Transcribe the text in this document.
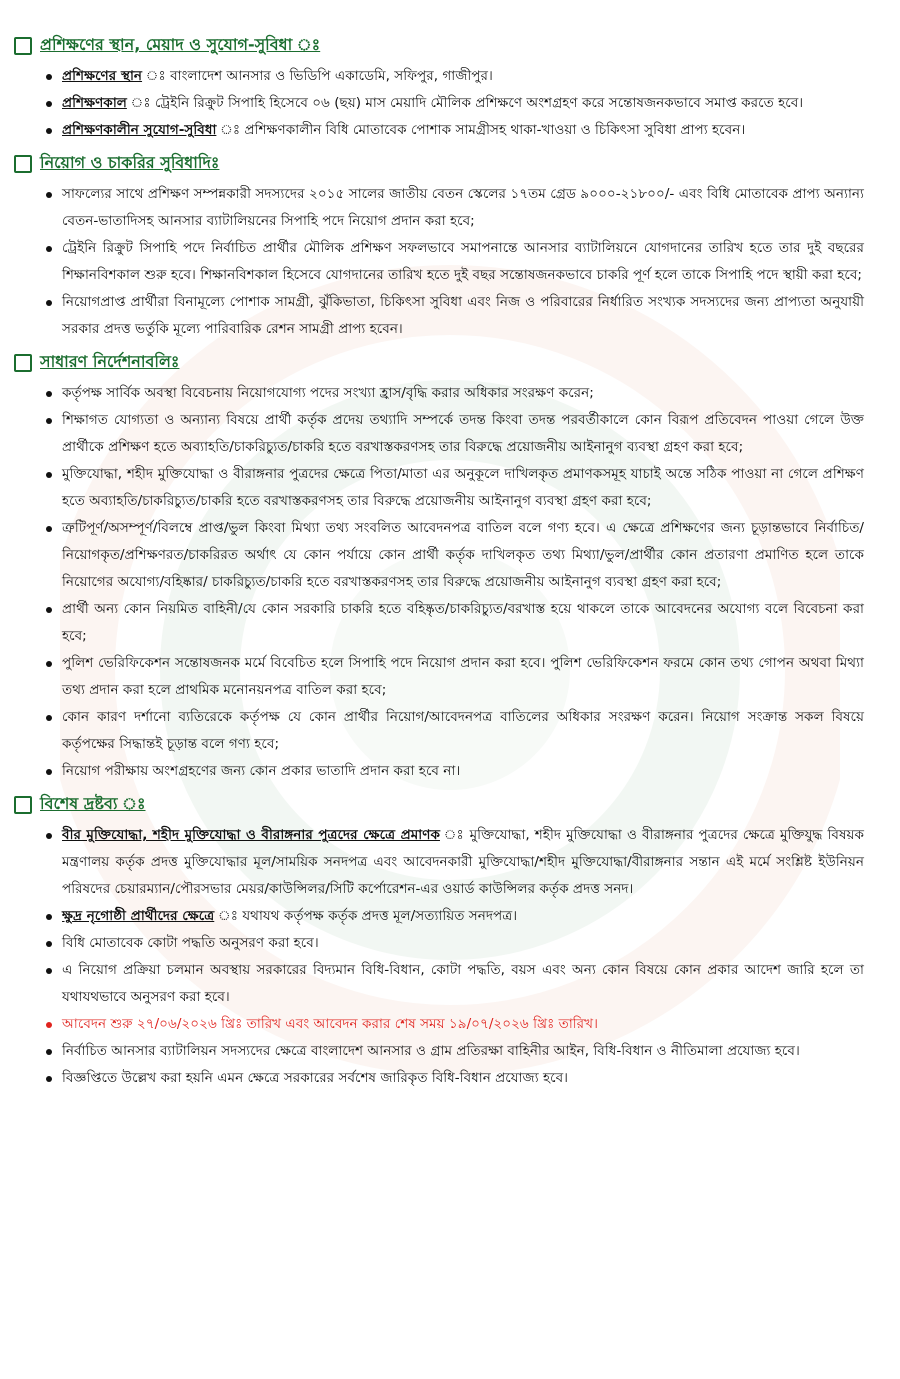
প্রশিক্ষণের স্থান, মেয়াদ ও সুযোগ-সুবিধা ঃ
প্রশিক্ষণের স্থান ঃ বাংলাদেশ আনসার ও ভিডিপি একাডেমি, সফিপুর, গাজীপুর।
প্রশিক্ষণকাল ঃ ট্রেইনি রিক্রুট সিপাহি হিসেবে ০৬ (ছয়) মাস মেয়াদি মৌলিক প্রশিক্ষণে অংশগ্রহণ করে সন্তোষজনকভাবে সমাপ্ত করতে হবে।
প্রশিক্ষণকালীন সুযোগ-সুবিধা ঃ প্রশিক্ষণকালীন বিধি মোতাবেক পোশাক সামগ্রীসহ থাকা-খাওয়া ও চিকিৎসা সুবিধা প্রাপ্য হবেন।
নিয়োগ ও চাকরির সুবিধাদিঃ
সাফল্যের সাথে প্রশিক্ষণ সম্পন্নকারী সদস্যদের ২০১৫ সালের জাতীয় বেতন স্কেলের ১৭তম গ্রেড ৯০০০-২১৮০০/- এবং বিধি মোতাবেক প্রাপ্য অন্যান্য বেতন-ভাতাদিসহ আনসার ব্যাটালিয়নের সিপাহি পদে নিয়োগ প্রদান করা হবে;
ট্রেইনি রিক্রুট সিপাহি পদে নির্বাচিত প্রার্থীর মৌলিক প্রশিক্ষণ সফলভাবে সমাপনান্তে আনসার ব্যাটালিয়নে যোগদানের তারিখ হতে তার দুই বছরের শিক্ষানবিশকাল শুরু হবে। শিক্ষানবিশকাল হিসেবে যোগদানের তারিখ হতে দুই বছর সন্তোষজনকভাবে চাকরি পূর্ণ হলে তাকে সিপাহি পদে স্থায়ী করা হবে;
নিয়োগপ্রাপ্ত প্রার্থীরা বিনামূল্যে পোশাক সামগ্রী, ঝুঁকিভাতা, চিকিৎসা সুবিধা এবং নিজ ও পরিবারের নির্ধারিত সংখ্যক সদস্যদের জন্য প্রাপ্যতা অনুযায়ী সরকার প্রদত্ত ভর্তুকি মূল্যে পারিবারিক রেশন সামগ্রী প্রাপ্য হবেন।
সাধারণ নির্দেশনাবলিঃ
কর্তৃপক্ষ সার্বিক অবস্থা বিবেচনায় নিয়োগযোগ্য পদের সংখ্যা হ্রাস/বৃদ্ধি করার অধিকার সংরক্ষণ করেন;
শিক্ষাগত যোগ্যতা ও অন্যান্য বিষয়ে প্রার্থী কর্তৃক প্রদেয় তথ্যাদি সম্পর্কে তদন্ত কিংবা তদন্ত পরবর্তীকালে কোন বিরূপ প্রতিবেদন পাওয়া গেলে উক্ত প্রার্থীকে প্রশিক্ষণ হতে অব্যাহতি/চাকরিচ্যুত/চাকরি হতে বরখাস্তকরণসহ তার বিরুদ্ধে প্রয়োজনীয় আইনানুগ ব্যবস্থা গ্রহণ করা হবে;
মুক্তিযোদ্ধা, শহীদ মুক্তিযোদ্ধা ও বীরাঙ্গনার পুত্রদের ক্ষেত্রে পিতা/মাতা এর অনুকূলে দাখিলকৃত প্রমাণকসমূহ যাচাই অন্তে সঠিক পাওয়া না গেলে প্রশিক্ষণ হতে অব্যাহতি/চাকরিচ্যুত/চাকরি হতে বরখাস্তকরণসহ তার বিরুদ্ধে প্রয়োজনীয় আইনানুগ ব্যবস্থা গ্রহণ করা হবে;
ত্রুটিপূর্ণ/অসম্পূর্ণ/বিলম্বে প্রাপ্ত/ভুল কিংবা মিথ্যা তথ্য সংবলিত আবেদনপত্র বাতিল বলে গণ্য হবে। এ ক্ষেত্রে প্রশিক্ষণের জন্য চূড়ান্তভাবে নির্বাচিত/নিয়োগকৃত/প্রশিক্ষণরত/চাকরিরত অর্থাৎ যে কোন পর্যায়ে কোন প্রার্থী কর্তৃক দাখিলকৃত তথ্য মিথ্যা/ভুল/প্রার্থীর কোন প্রতারণা প্রমাণিত হলে তাকে নিয়োগের অযোগ্য/বহিষ্কার/ চাকরিচ্যুত/চাকরি হতে বরখাস্তকরণসহ তার বিরুদ্ধে প্রয়োজনীয় আইনানুগ ব্যবস্থা গ্রহণ করা হবে;
প্রার্থী অন্য কোন নিয়মিত বাহিনী/যে কোন সরকারি চাকরি হতে বহিষ্কৃত/চাকরিচ্যুত/বরখাস্ত হয়ে থাকলে তাকে আবেদনের অযোগ্য বলে বিবেচনা করা হবে;
পুলিশ ভেরিফিকেশন সন্তোষজনক মর্মে বিবেচিত হলে সিপাহি পদে নিয়োগ প্রদান করা হবে। পুলিশ ভেরিফিকেশন ফরমে কোন তথ্য গোপন অথবা মিথ্যা তথ্য প্রদান করা হলে প্রাথমিক মনোনয়নপত্র বাতিল করা হবে;
কোন কারণ দর্শানো ব্যতিরেকে কর্তৃপক্ষ যে কোন প্রার্থীর নিয়োগ/আবেদনপত্র বাতিলের অধিকার সংরক্ষণ করেন। নিয়োগ সংক্রান্ত সকল বিষয়ে কর্তৃপক্ষের সিদ্ধান্তই চূড়ান্ত বলে গণ্য হবে;
নিয়োগ পরীক্ষায় অংশগ্রহণের জন্য কোন প্রকার ভাতাদি প্রদান করা হবে না।
বিশেষ দ্রষ্টব্য ঃ
বীর মুক্তিযোদ্ধা, শহীদ মুক্তিযোদ্ধা ও বীরাঙ্গনার পুত্রদের ক্ষেত্রে প্রমাণক ঃ মুক্তিযোদ্ধা, শহীদ মুক্তিযোদ্ধা ও বীরাঙ্গনার পুত্রদের ক্ষেত্রে মুক্তিযুদ্ধ বিষয়ক মন্ত্রণালয় কর্তৃক প্রদত্ত মুক্তিযোদ্ধার মূল/সাময়িক সনদপত্র এবং আবেদনকারী মুক্তিযোদ্ধা/শহীদ মুক্তিযোদ্ধা/বীরাঙ্গনার সন্তান এই মর্মে সংশ্লিষ্ট ইউনিয়ন পরিষদের চেয়ারম্যান/পৌরসভার মেয়র/কাউন্সিলর/সিটি কর্পোরেশন-এর ওয়ার্ড কাউন্সিলর কর্তৃক প্রদত্ত সনদ।
ক্ষুদ্র নৃগোষ্ঠী প্রার্থীদের ক্ষেত্রে ঃ যথাযথ কর্তৃপক্ষ কর্তৃক প্রদত্ত মূল/সত্যায়িত সনদপত্র।
বিধি মোতাবেক কোটা পদ্ধতি অনুসরণ করা হবে।
এ নিয়োগ প্রক্রিয়া চলমান অবস্থায় সরকারের বিদ্যমান বিধি-বিধান, কোটা পদ্ধতি, বয়স এবং অন্য কোন বিষয়ে কোন প্রকার আদেশ জারি হলে তা যথাযথভাবে অনুসরণ করা হবে।
আবেদন শুরু ২৭/০৬/২০২৬ খ্রিঃ তারিখ এবং আবেদন করার শেষ সময় ১৯/০৭/২০২৬ খ্রিঃ তারিখ।
নির্বাচিত আনসার ব্যাটালিয়ন সদস্যদের ক্ষেত্রে বাংলাদেশ আনসার ও গ্রাম প্রতিরক্ষা বাহিনীর আইন, বিধি-বিধান ও নীতিমালা প্রযোজ্য হবে।
বিজ্ঞপ্তিতে উল্লেখ করা হয়নি এমন ক্ষেত্রে সরকারের সর্বশেষ জারিকৃত বিধি-বিধান প্রযোজ্য হবে।
